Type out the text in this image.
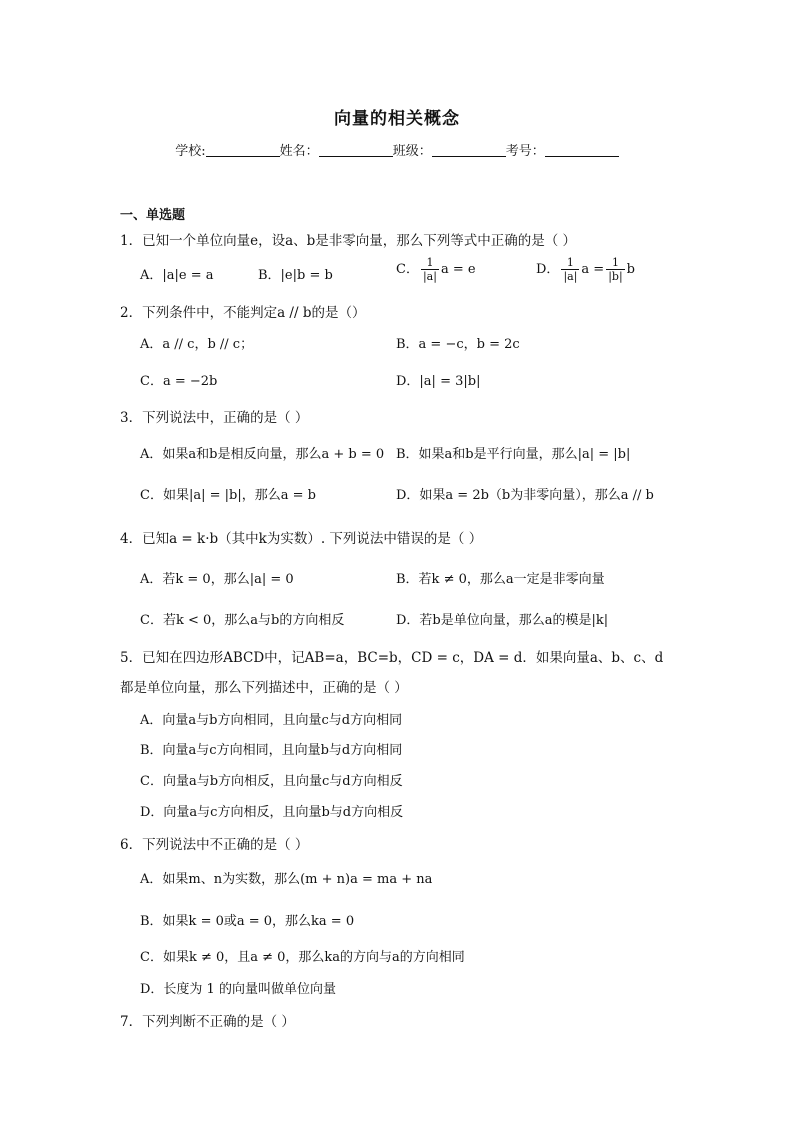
向量的相关概念
学校:	姓名：	班级：	考号：
一、单选题
1．已知一个单位向量e，设a、b是非零向量，那么下列等式中正确的是（ ）
A．|a|e = a	B．|e|b = b	C． $\frac{1}{|a|}$ a = e	D． $\frac{1}{|a|}$ $a = \frac{1}{|b|}$ b
2．下列条件中，不能判定a // b的是（）
A．a // c，b // c；	B．a = −c，b = 2c
C．a = −2b	D．|a| = 3|b|
3．下列说法中，正确的是（ ）
A．如果a和b是相反向量，那么a + b = 0 B．如果a和b是平行向量，那么|a| = |b|
C．如果|a| = |b|，那么a = b	D．如果a = 2b（b为非零向量），那么a // b
4．已知a = k·b（其中k为实数）. 下列说法中错误的是（ ）
A．若k = 0，那么|a| = 0	B．若k ≠ 0，那么a一定是非零向量
C．若k < 0，那么a与b的方向相反	D．若b是单位向量，那么a的模是|k|
5．已知在四边形ABCD中，记AB=a，BC=b，CD = c，DA = d．如果向量a、b、c、d
都是单位向量，那么下列描述中，正确的是（ ）
A．向量a与b方向相同，且向量c与d方向相同
B．向量a与c方向相同，且向量b与d方向相同
C．向量a与b方向相反，且向量c与d方向相反
D．向量a与c方向相反，且向量b与d方向相反
6．下列说法中不正确的是（ ）
A．如果m、n为实数，那么(m + n)a = ma + na
B．如果k = 0或a = 0，那么ka = 0
C．如果k ≠ 0，且a ≠ 0，那么ka的方向与a的方向相同
D．长度为 1 的向量叫做单位向量
7．下列判断不正确的是（ ）
